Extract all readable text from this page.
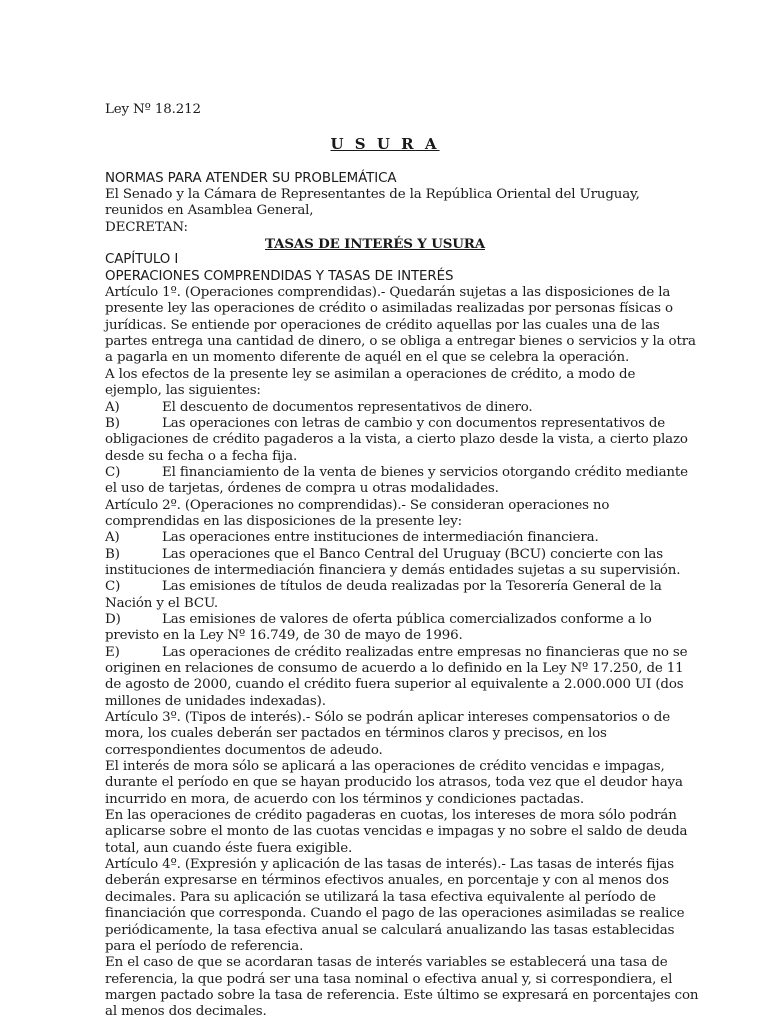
Ley Nº 18.212
U S U R A
NORMAS PARA ATENDER SU PROBLEMÁTICA
El Senado y la Cámara de Representantes de la República Oriental del Uruguay,
reunidos en Asamblea General,
DECRETAN:
TASAS DE INTERÉS Y USURA
CAPÍTULO I
OPERACIONES COMPRENDIDAS Y TASAS DE INTERÉS
Artículo 1º. (Operaciones comprendidas).- Quedarán sujetas a las disposiciones de la
presente ley las operaciones de crédito o asimiladas realizadas por personas físicas o
jurídicas. Se entiende por operaciones de crédito aquellas por las cuales una de las
partes entrega una cantidad de dinero, o se obliga a entregar bienes o servicios y la otra
a pagarla en un momento diferente de aquél en el que se celebra la operación.
A los efectos de la presente ley se asimilan a operaciones de crédito, a modo de
ejemplo, las siguientes:
A)	El descuento de documentos representativos de dinero.
B)	Las operaciones con letras de cambio y con documentos representativos de
obligaciones de crédito pagaderos a la vista, a cierto plazo desde la vista, a cierto plazo
desde su fecha o a fecha fija.
C)	El financiamiento de la venta de bienes y servicios otorgando crédito mediante
el uso de tarjetas, órdenes de compra u otras modalidades.
Artículo 2º. (Operaciones no comprendidas).- Se consideran operaciones no
comprendidas en las disposiciones de la presente ley:
A)	Las operaciones entre instituciones de intermediación financiera.
B)	Las operaciones que el Banco Central del Uruguay (BCU) concierte con las
instituciones de intermediación financiera y demás entidades sujetas a su supervisión.
C)	Las emisiones de títulos de deuda realizadas por la Tesorería General de la
Nación y el BCU.
D)	Las emisiones de valores de oferta pública comercializados conforme a lo
previsto en la Ley Nº 16.749, de 30 de mayo de 1996.
E)	Las operaciones de crédito realizadas entre empresas no financieras que no se
originen en relaciones de consumo de acuerdo a lo definido en la Ley Nº 17.250, de 11
de agosto de 2000, cuando el crédito fuera superior al equivalente a 2.000.000 UI (dos
millones de unidades indexadas).
Artículo 3º. (Tipos de interés).- Sólo se podrán aplicar intereses compensatorios o de
mora, los cuales deberán ser pactados en términos claros y precisos, en los
correspondientes documentos de adeudo.
El interés de mora sólo se aplicará a las operaciones de crédito vencidas e impagas,
durante el período en que se hayan producido los atrasos, toda vez que el deudor haya
incurrido en mora, de acuerdo con los términos y condiciones pactadas.
En las operaciones de crédito pagaderas en cuotas, los intereses de mora sólo podrán
aplicarse sobre el monto de las cuotas vencidas e impagas y no sobre el saldo de deuda
total, aun cuando éste fuera exigible.
Artículo 4º. (Expresión y aplicación de las tasas de interés).- Las tasas de interés fijas
deberán expresarse en términos efectivos anuales, en porcentaje y con al menos dos
decimales. Para su aplicación se utilizará la tasa efectiva equivalente al período de
financiación que corresponda. Cuando el pago de las operaciones asimiladas se realice
periódicamente, la tasa efectiva anual se calculará anualizando las tasas establecidas
para el período de referencia.
En el caso de que se acordaran tasas de interés variables se establecerá una tasa de
referencia, la que podrá ser una tasa nominal o efectiva anual y, si correspondiera, el
margen pactado sobre la tasa de referencia. Este último se expresará en porcentajes con
al menos dos decimales.
